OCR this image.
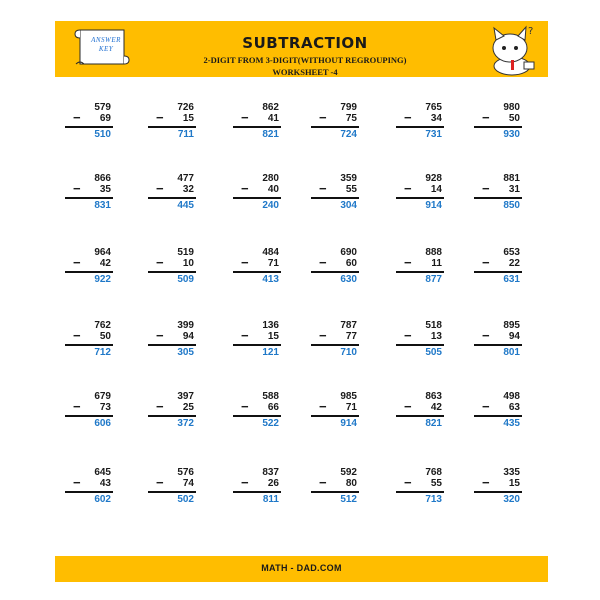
ANSWER KEY	SUBTRACTION
2-DIGIT FROM 3-DIGIT(WITHOUT REGROUPING)
WORKSHEET -4
?
579
− 69
510
726
− 15
711
862
− 41
821
799
− 75
724
765
− 34
731
980
− 50
930
866
− 35
831
477
− 32
445
280
− 40
240
359
− 55
304
928
− 14
914
881
− 31
850
964
− 42
922
519
− 10
509
484
− 71
413
690
− 60
630
888
− 11
877
653
− 22
631
762
− 50
712
399
− 94
305
136
− 15
121
787
− 77
710
518
− 13
505
895
− 94
801
679
− 73
606
397
− 25
372
588
− 66
522
985
− 71
914
863
− 42
821
498
− 63
435
645
− 43
602
576
− 74
502
837
− 26
811
592
− 80
512
768
− 55
713
335
− 15
320
MATH - DAD.COM
